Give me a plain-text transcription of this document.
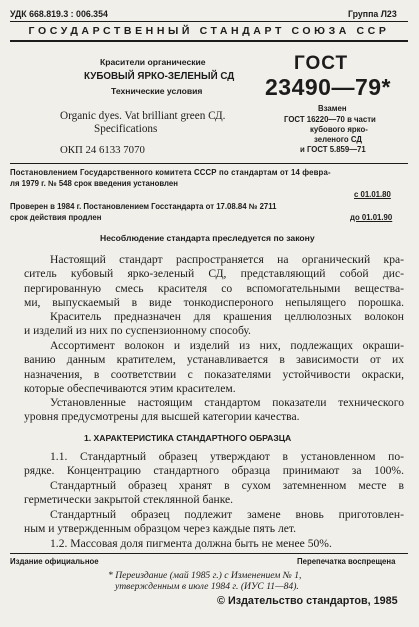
УДК 668.819.3 : 006.354	Группа Л23
ГОСУДАРСТВЕННЫЙ СТАНДАРТ СОЮЗА ССР
Красители органические
КУБОВЫЙ ЯРКО-ЗЕЛЕНЫЙ СД
Технические условия
Organic dyes. Vat brilliant green СД.
Specifications
ОКП 24 6133 7070
ГОСТ
23490—79*
Взамен
ГОСТ 16220—70 в части
кубового ярко-
зеленого СД
и ГОСТ 5.859—71
Постановлением Государственного комитета СССР по стандартам от 14 февра-
ля 1979 г. № 548 срок введения установлен
с 01.01.80
Проверен в 1984 г. Постановлением Госстандарта от 17.08.84 № 2711
срок действия продлен	до 01.01.90
Несоблюдение стандарта преследуется по закону
Настоящий стандарт распространяется на органический кра-
ситель кубовый ярко-зеленый СД, представляющий собой дис-
пергированную смесь красителя со вспомогательными вещества-
ми, выпускаемый в виде тонкодиспероного непылящего порошка.
Краситель предназначен для крашения целлюлозных волокон
и изделий из них по суспензионному способу.
Ассортимент волокон и изделий из них, подлежащих окраши-
ванию данным кратителем, устанавливается в зависимости от их
назначения, в соответствии с показателями устойчивости окраски,
которые обеспечиваются этим красителем.
Установленные настоящим стандартом показатели технического
уровня предусмотрены для высшей категории качества.
1. ХАРАКТЕРИСТИКА СТАНДАРТНОГО ОБРАЗЦА
1.1. Стандартный образец утверждают в установленном по-
рядке. Концентрацию стандартного образца принимают за 100%.
Стандартный образец хранят в сухом затемненном месте в
герметически закрытой стеклянной банке.
Стандартный образец подлежит замене вновь приготовлен-
ным и утвержденным образцом через каждые пять лет.
1.2. Массовая доля пигмента должна быть не менее 50%.
Издание официальное	Перепечатка воспрещена
* Переиздание (май 1985 г.) с Изменением № 1,
утвержденным в июле 1984 г. (ИУС 11—84).
© Издательство стандартов, 1985
